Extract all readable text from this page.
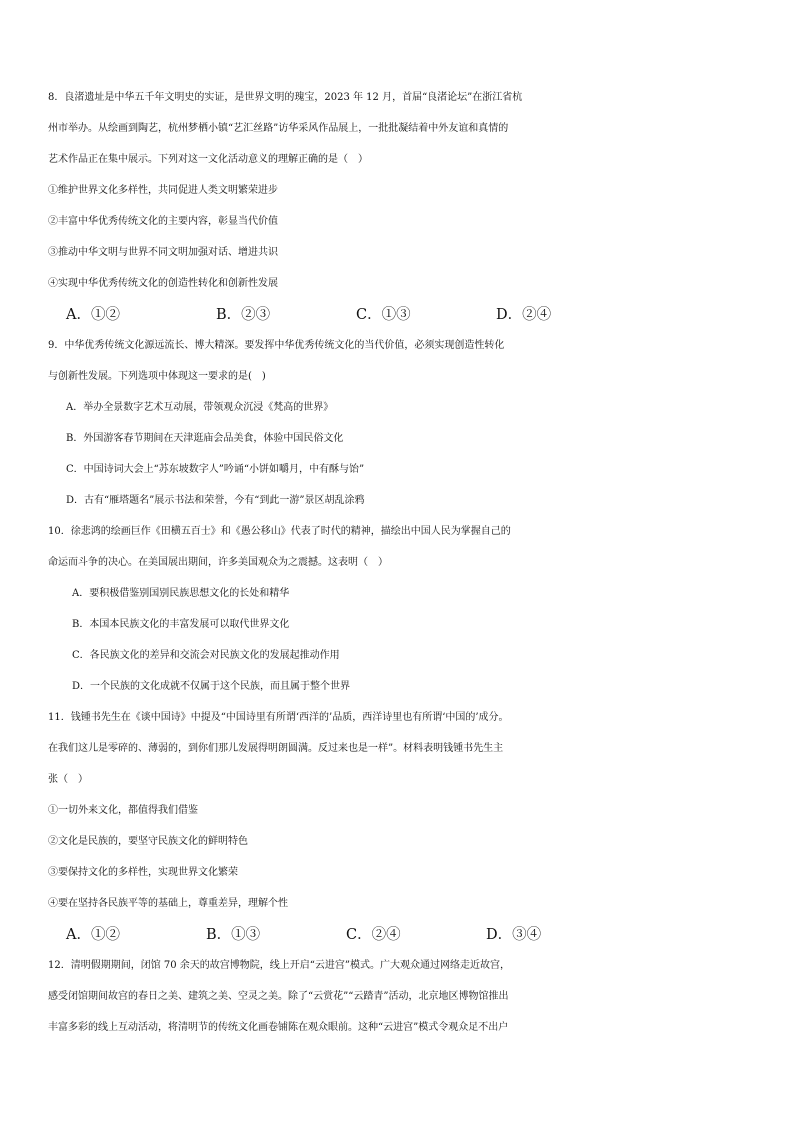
8．良渚遗址是中华五千年文明史的实证，是世界文明的瑰宝，2023 年 12 月，首届“良渚论坛”在浙江省杭
州市举办。从绘画到陶艺，杭州梦栖小镇“艺汇丝路”访华采风作品展上，一批批凝结着中外友谊和真情的
艺术作品正在集中展示。下列对这一文化活动意义的理解正确的是（　）
①维护世界文化多样性，共同促进人类文明繁荣进步
②丰富中华优秀传统文化的主要内容，彰显当代价值
③推动中华文明与世界不同文明加强对话、增进共识
④实现中华优秀传统文化的创造性转化和创新性发展
A．①②	B．②③	C．①③	D．②④
9．中华优秀传统文化源远流长、博大精深。要发挥中华优秀传统文化的当代价值，必须实现创造性转化
与创新性发展。下列选项中体现这一要求的是(　)
A．举办全景数字艺术互动展，带领观众沉浸《梵高的世界》
B．外国游客春节期间在天津逛庙会品美食，体验中国民俗文化
C．中国诗词大会上“苏东坡数字人”吟诵“小饼如嚼月，中有酥与饴”
D．古有“雁塔题名”展示书法和荣誉，今有“到此一游”景区胡乱涂鸦
10．徐悲鸿的绘画巨作《田横五百士》和《愚公移山》代表了时代的精神，描绘出中国人民为掌握自己的
命运而斗争的决心。在美国展出期间，许多美国观众为之震撼。这表明（　）
A．要积极借鉴别国别民族思想文化的长处和精华
B．本国本民族文化的丰富发展可以取代世界文化
C．各民族文化的差异和交流会对民族文化的发展起推动作用
D．一个民族的文化成就不仅属于这个民族，而且属于整个世界
11．钱锺书先生在《谈中国诗》中提及“中国诗里有所谓‘西洋的’品质，西洋诗里也有所谓‘中国的’成分。
在我们这儿是零碎的、薄弱的，到你们那儿发展得明朗圆满。反过来也是一样”。材料表明钱锺书先生主
张（　）
①一切外来文化，都值得我们借鉴
②文化是民族的，要坚守民族文化的鲜明特色
③要保持文化的多样性，实现世界文化繁荣
④要在坚持各民族平等的基础上，尊重差异，理解个性
A．①②	B．①③	C．②④	D．③④
12．清明假期期间，闭馆 70 余天的故宫博物院，线上开启“云进宫”模式。广大观众通过网络走近故宫，
感受闭馆期间故宫的春日之美、建筑之美、空灵之美。除了“云赏花”“云踏青”活动，北京地区博物馆推出
丰富多彩的线上互动活动，将清明节的传统文化画卷铺陈在观众眼前。这种“云进宫”模式令观众足不出户
